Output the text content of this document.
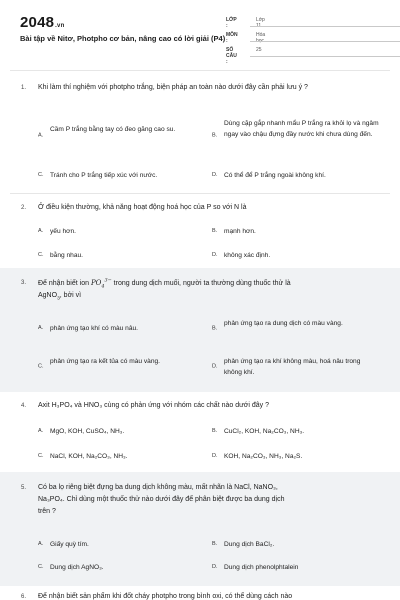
2048.vn
Bài tập về Nitơ, Photpho cơ bản, nâng cao có lời giải (P4)
LỚP :
Lớp 11
MÔN :
Hóa học
SỐ CÂU :
25
1. Khi làm thí nghiệm với photpho trắng, biện pháp an toàn nào dưới đây cần phải lưu ý ?
A.
Cầm P trắng bằng tay có đeo găng cao su.
B.
Dùng cặp gắp nhanh mẩu P trắng ra khỏi lọ và ngâm ngay vào chậu đựng đầy nước khi chưa dùng đến.
C. Tránh cho P trắng tiếp xúc với nước.	D. Có thể để P trắng ngoài không khí.
2. Ở điều kiện thường, khả năng hoạt động hoá học của P so với N là
A. yếu hơn.	B. mạnh hơn.
C. bằng nhau.	D. không xác định.
3. Để nhận biết ion $PO_4^{3-}$ trong dung dịch muối, người ta thường dùng thuốc thử là
AgNO$_3$, bởi vì
A. phản ứng tạo khí có màu nâu.	B.
phản ứng tạo ra dung dịch có màu vàng.
C.
phản ứng tạo ra kết tủa có màu vàng.
D.
phản ứng tạo ra khí không màu, hoá nâu trong không khí.
4. Axit H₃PO₄ và HNO₃ cùng có phản ứng với nhóm các chất nào dưới đây ?
A. MgO, KOH, CuSO₄, NH₃.	B. CuCl₂, KOH, Na₂CO₃, NH₃.
C. NaCl, KOH, Na₂CO₃, NH₃.	D. KOH, Na₂CO₃, NH₃, Na₂S.
5. Có ba lọ riêng biệt đựng ba dung dịch không màu, mất nhãn là NaCl, NaNO₃,
Na₃PO₄. Chỉ dùng một thuốc thử nào dưới đây để phân biệt được ba dung dịch
trên ?
A. Giấy quỳ tím.	B. Dung dịch BaCl₂.
C. Dung dịch AgNO₃.	D. Dung dịch phenolphtalein
6. Để nhận biết sản phẩm khi đốt cháy photpho trong bình oxi, có thể dùng cách nào
